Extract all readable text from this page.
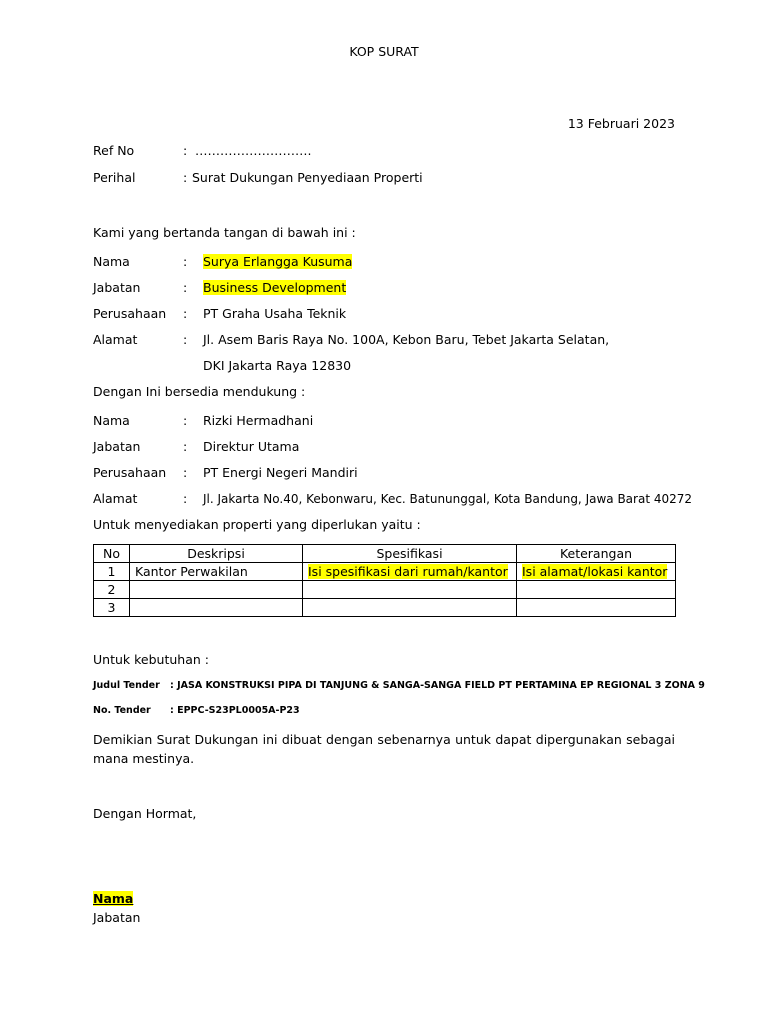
KOP SURAT
13 Februari 2023
Ref No	: ……………………….
Perihal	: Surat Dukungan Penyediaan Properti
Kami yang bertanda tangan di bawah ini :
Nama	: Surya Erlangga Kusuma
Jabatan	: Business Development
Perusahaan : PT Graha Usaha Teknik
Alamat	: Jl. Asem Baris Raya No. 100A, Kebon Baru, Tebet Jakarta Selatan,
DKI Jakarta Raya 12830
Dengan Ini bersedia mendukung :
Nama	: Rizki Hermadhani
Jabatan	: Direktur Utama
Perusahaan : PT Energi Negeri Mandiri
Alamat	: Jl. Jakarta No.40, Kebonwaru, Kec. Batununggal, Kota Bandung, Jawa Barat 40272
Untuk menyediakan properti yang diperlukan yaitu :
No	Deskripsi	Spesifikasi	Keterangan
1	Kantor Perwakilan	Isi spesifikasi dari rumah/kantor	Isi alamat/lokasi kantor
2			
3			
Untuk kebutuhan :
Judul Tender : JASA KONSTRUKSI PIPA DI TANJUNG & SANGA-SANGA FIELD PT PERTAMINA EP REGIONAL 3 ZONA 9
No. Tender : EPPC-S23PL0005A-P23
Demikian Surat Dukungan ini dibuat dengan sebenarnya untuk dapat dipergunakan sebagai mana mestinya.
Dengan Hormat,
Nama
Jabatan
